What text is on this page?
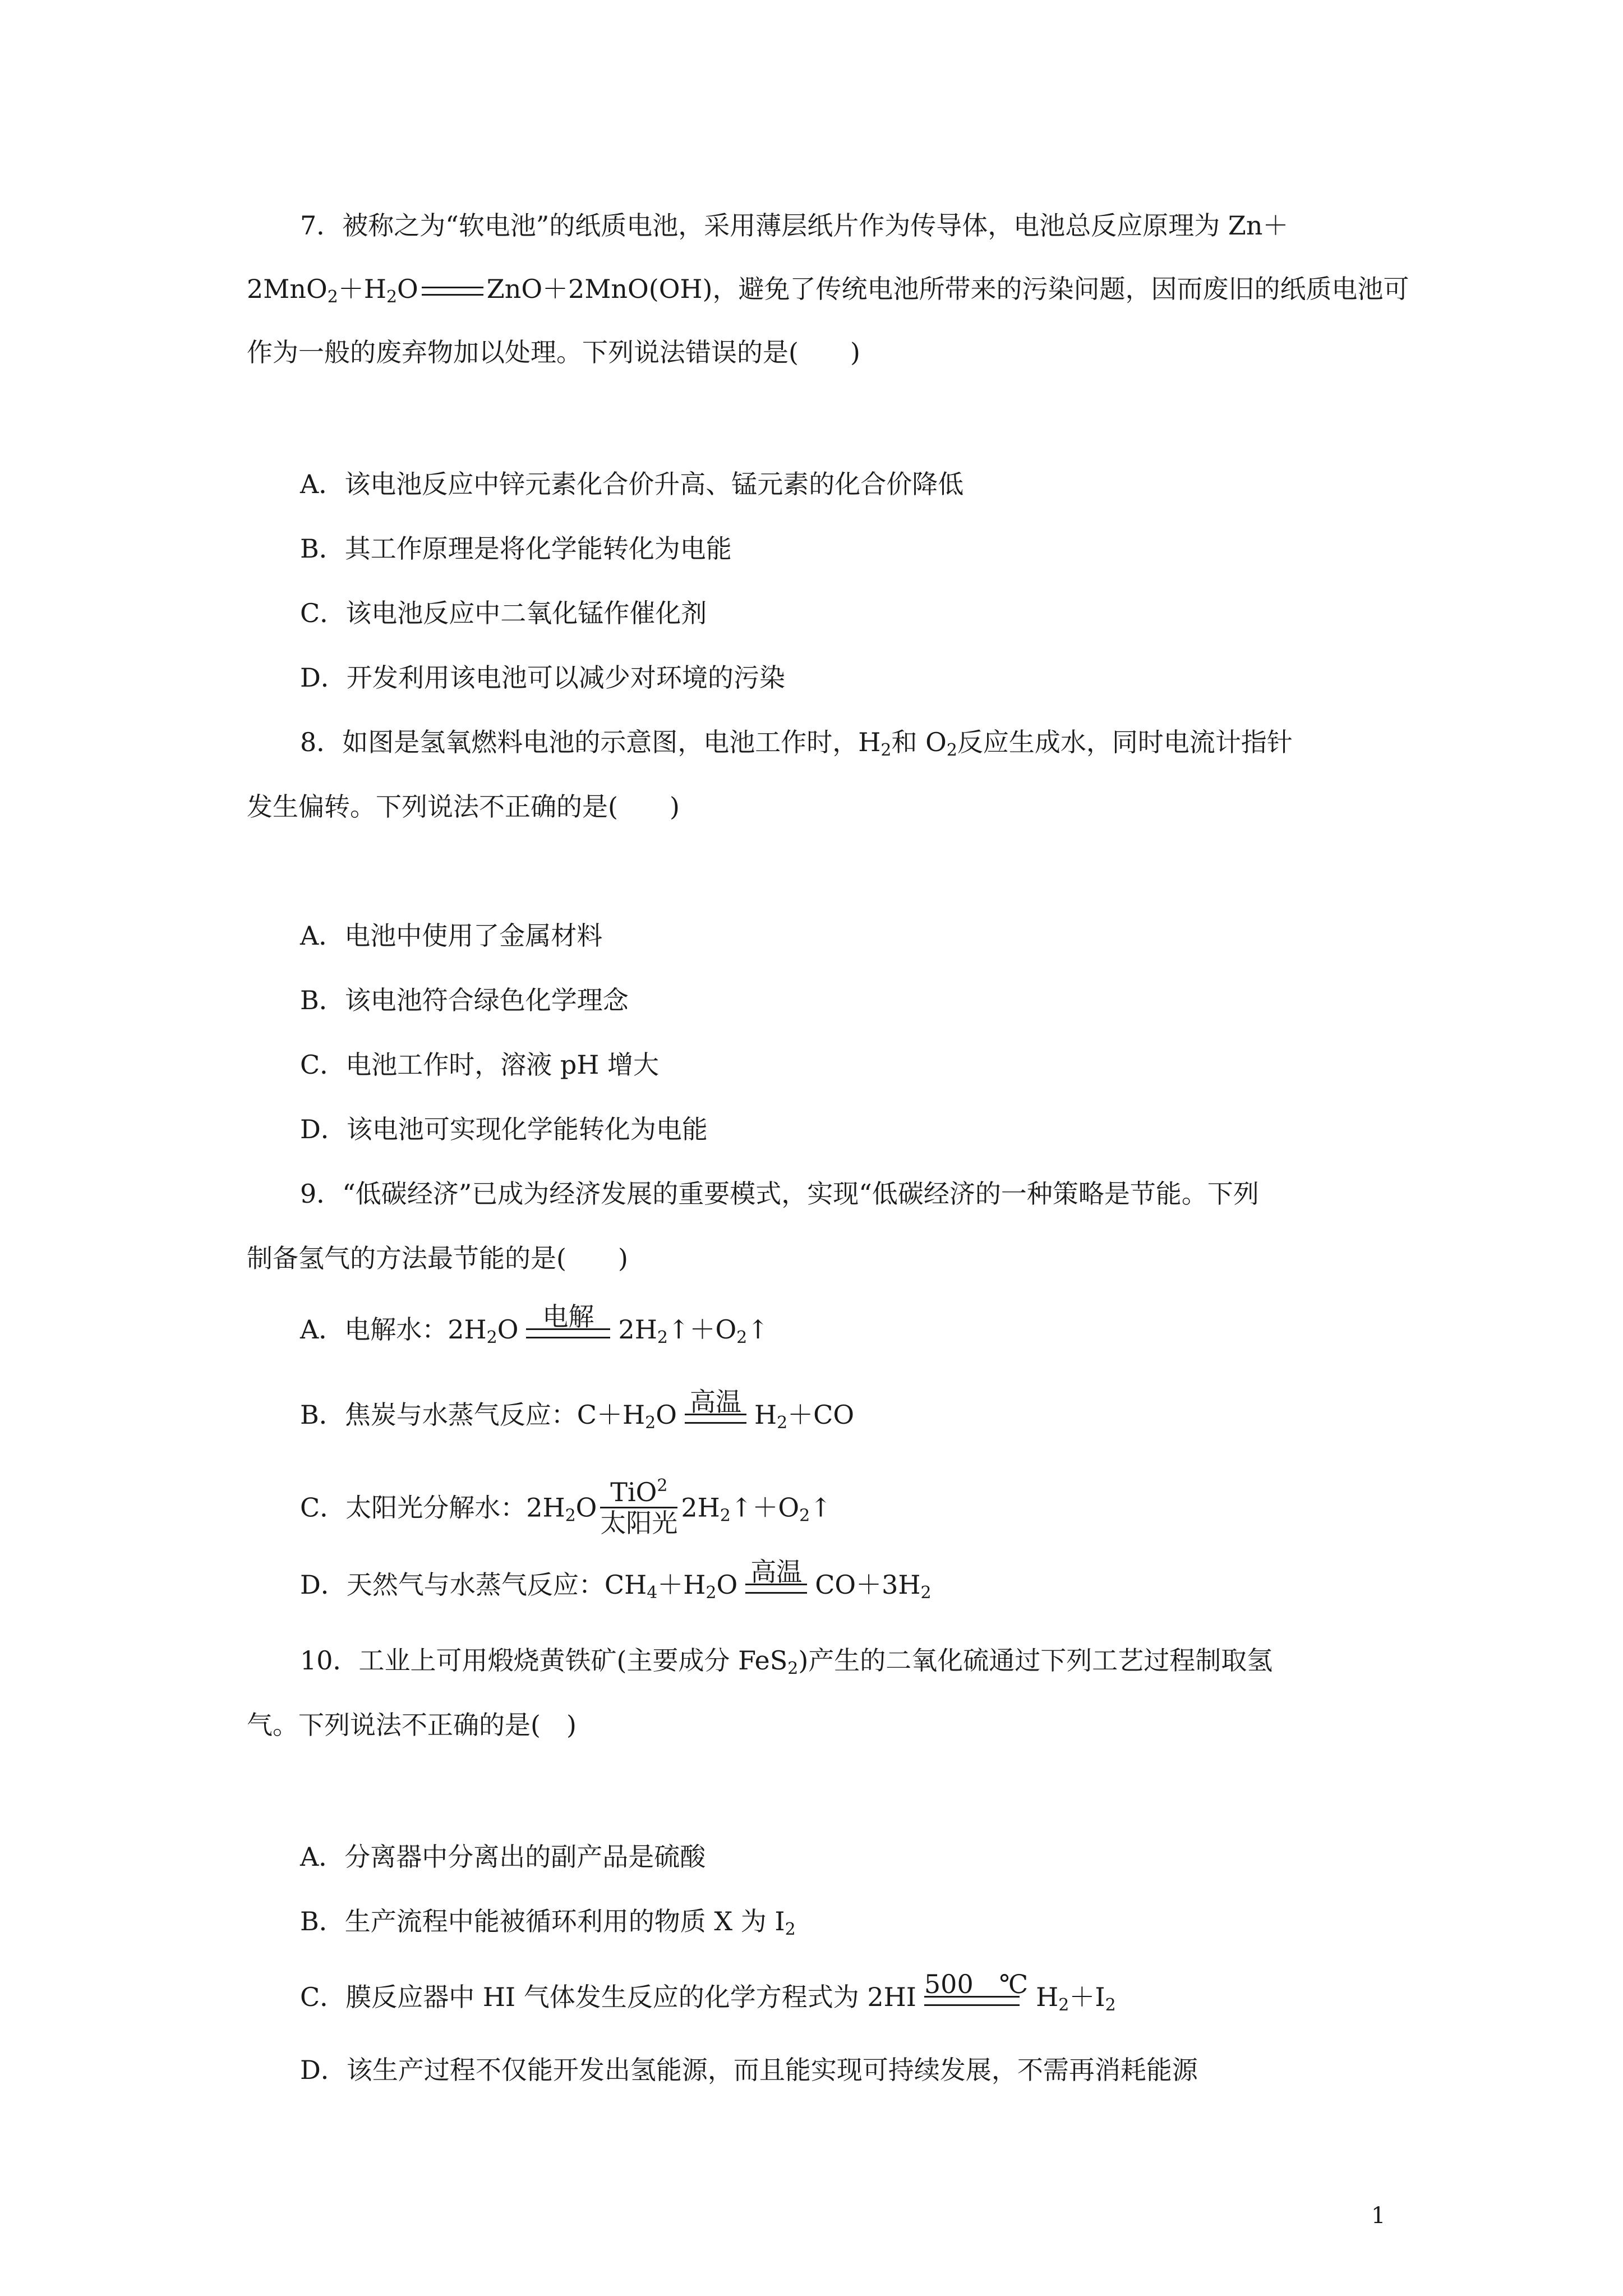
7．被称之为“软电池”的纸质电池，采用薄层纸片作为传导体，电池总反应原理为 Zn＋
$2MnO_2+H_2O$	ZnO＋2MnO(OH)，避免了传统电池所带来的污染问题，因而废旧的纸质电池可
作为一般的废弃物加以处理。下列说法错误的是(　　)
A．该电池反应中锌元素化合价升高、锰元素的化合价降低
B．其工作原理是将化学能转化为电能
C．该电池反应中二氧化锰作催化剂
D．开发利用该电池可以减少对环境的污染
8．如图是氢氧燃料电池的示意图，电池工作时，$H_2$和 $O_2$反应生成水，同时电流计指针
发生偏转。下列说法不正确的是(　　)
A．电池中使用了金属材料
B．该电池符合绿色化学理念
C．电池工作时，溶液 pH 增大
D．该电池可实现化学能转化为电能
9．“低碳经济”已成为经济发展的重要模式，实现“低碳经济的一种策略是节能。下列
制备氢气的方法最节能的是(　　)
A．电解水：$2H_2O$ 电解 $2H_2↑+O_2↑$
B．焦炭与水蒸气反应：$C+H_2O$ 高温 $H_2+CO$
C．太阳光分解水：$2H_2O$
TiO$^2$
太阳光
$2H_2↑+O_2↑$
D．天然气与水蒸气反应：$CH_4+H_2O$ 高温 $CO+3H_2$
10．工业上可用煅烧黄铁矿(主要成分 FeS$_2$)产生的二氧化硫通过下列工艺过程制取氢
气。下列说法不正确的是(　)
A．分离器中分离出的副产品是硫酸
B．生产流程中能被循环利用的物质 X 为 $I_2$
C．膜反应器中 HI 气体发生反应的化学方程式为 2HI 500　℃ $H_2+I_2$
D．该生产过程不仅能开发出氢能源，而且能实现可持续发展，不需再消耗能源
1
